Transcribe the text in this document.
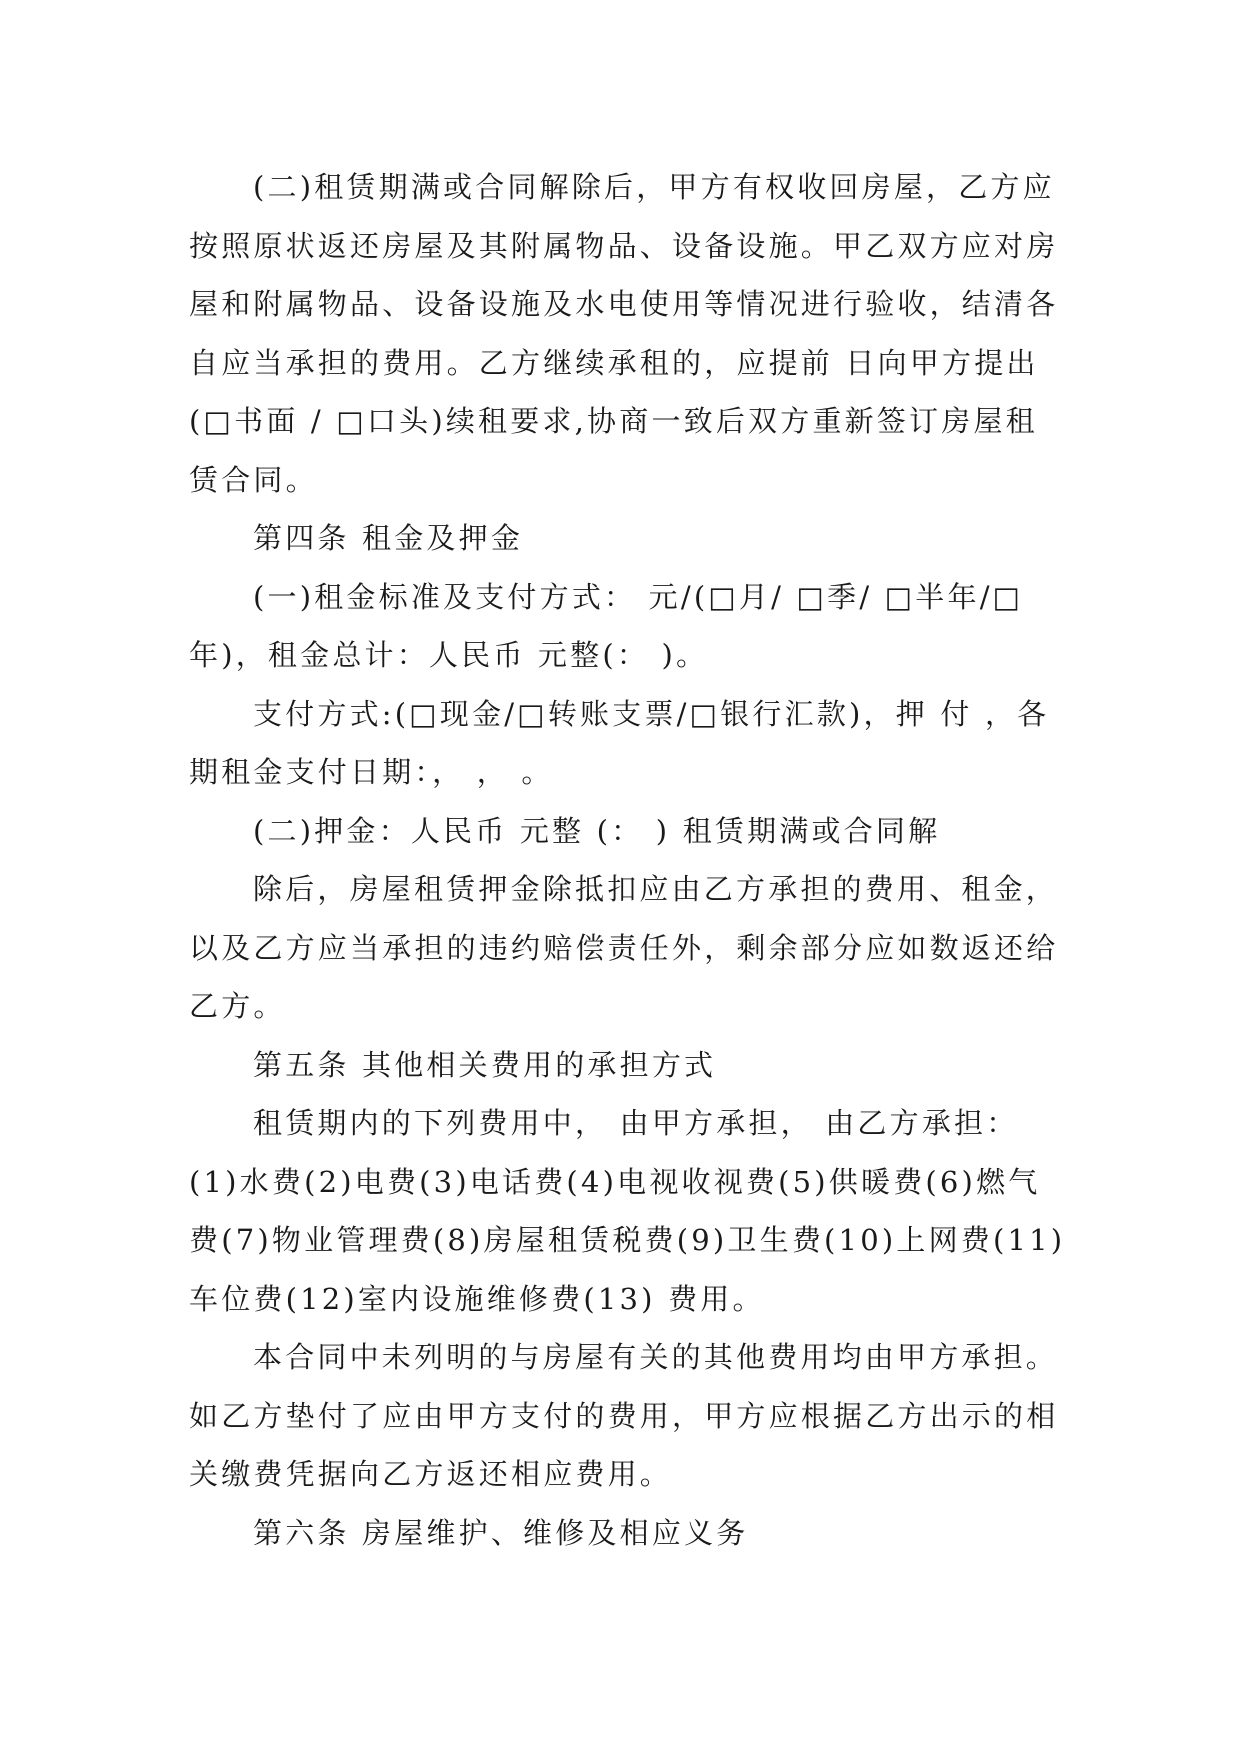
(二)租赁期满或合同解除后，甲方有权收回房屋，乙方应按照原状返还房屋及其附属物品、设备设施。甲乙双方应对房屋和附属物品、设备设施及水电使用等情况进行验收，结清各自应当承担的费用。乙方继续承租的，应提前 日向甲方提出(□书面 / □口头)续租要求,协商一致后双方重新签订房屋租赁合同。

第四条 租金及押金

(一)租金标准及支付方式： 元/(□月/ □季/ □半年/□年)，租金总计：人民币 元整(： )。

支付方式:(□现金/□转账支票/□银行汇款)，押 付 ，各期租金支付日期：， ， 。

(二)押金：人民币 元整 (： ) 租赁期满或合同解

除后，房屋租赁押金除抵扣应由乙方承担的费用、租金，以及乙方应当承担的违约赔偿责任外，剩余部分应如数返还给乙方。

第五条 其他相关费用的承担方式

租赁期内的下列费用中， 由甲方承担， 由乙方承担：(1)水费(2)电费(3)电话费(4)电视收视费(5)供暖费(6)燃气费(7)物业管理费(8)房屋租赁税费(9)卫生费(10)上网费(11)车位费(12)室内设施维修费(13) 费用。

本合同中未列明的与房屋有关的其他费用均由甲方承担。如乙方垫付了应由甲方支付的费用，甲方应根据乙方出示的相关缴费凭据向乙方返还相应费用。

第六条 房屋维护、维修及相应义务
